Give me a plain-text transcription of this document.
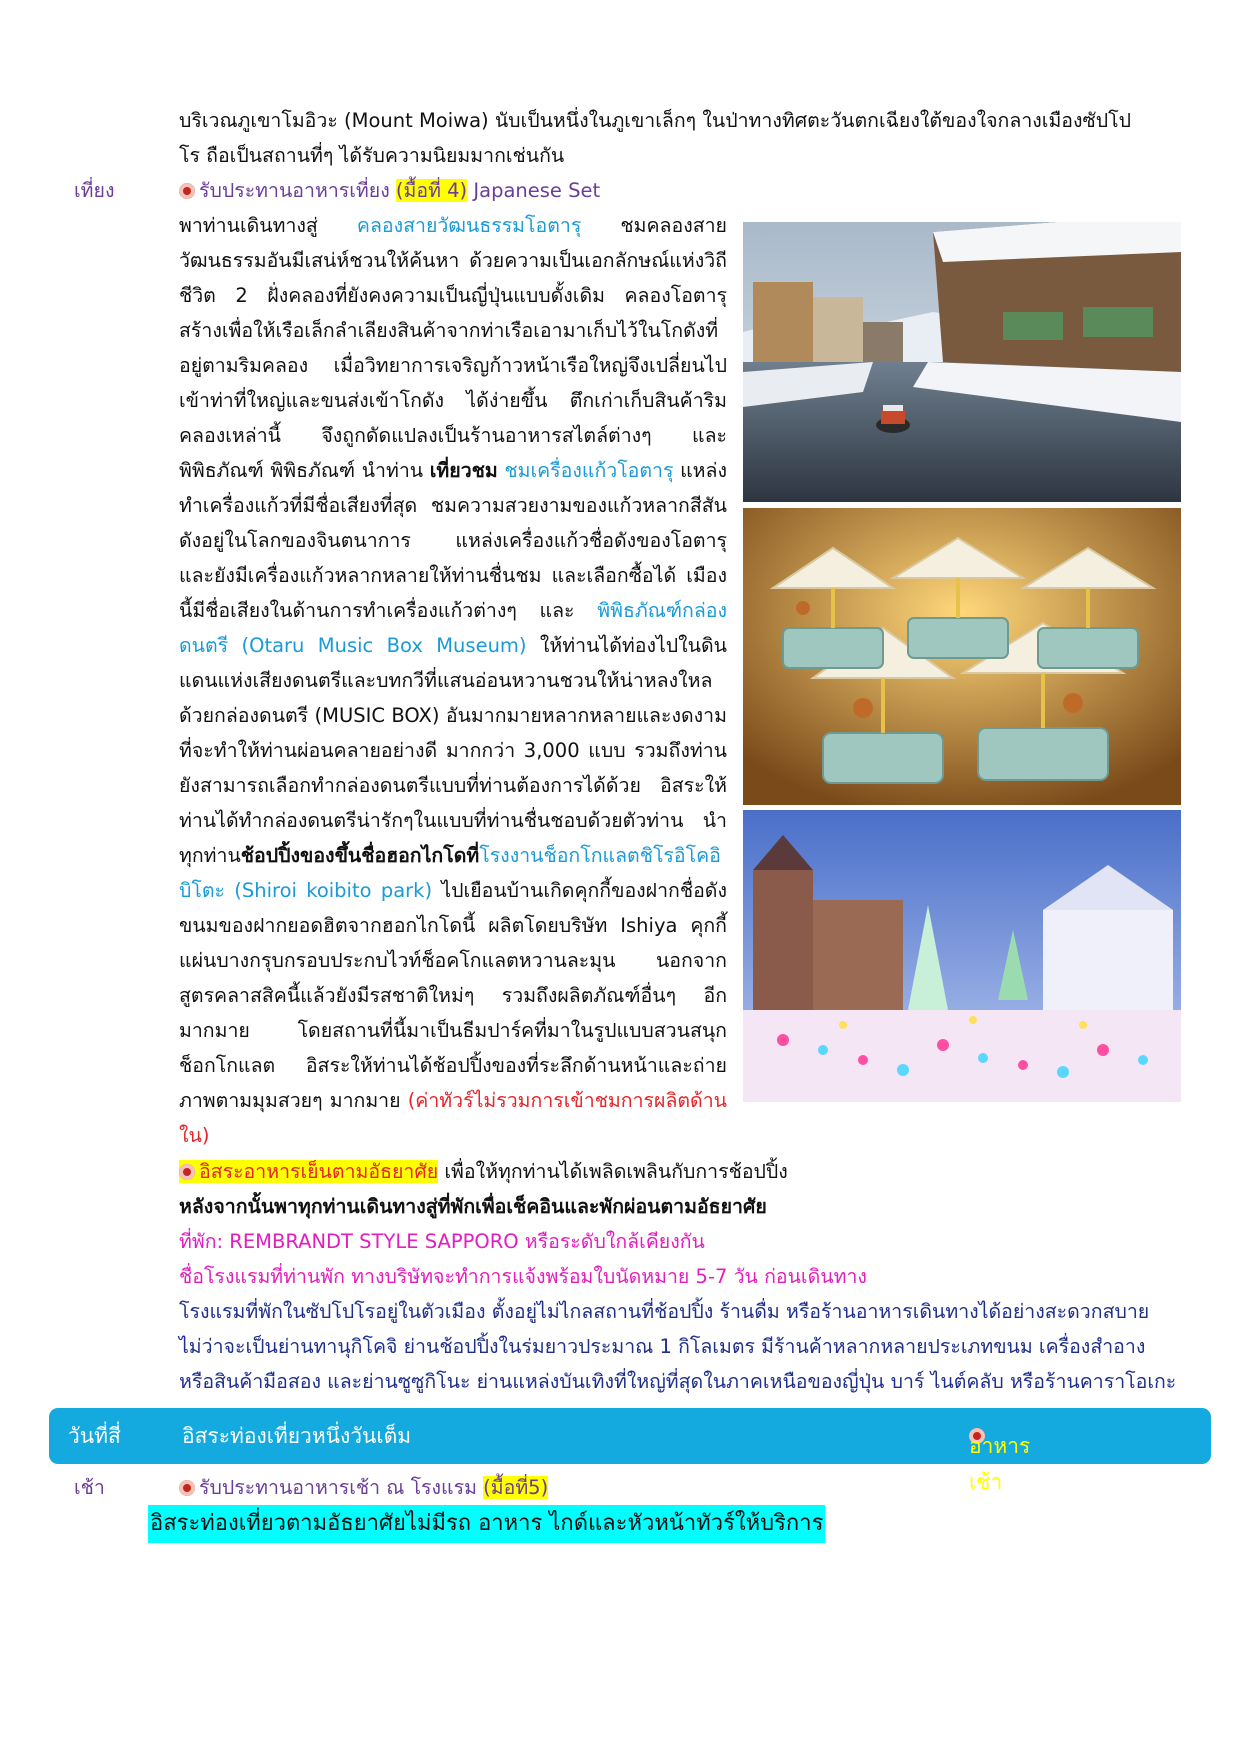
บริเวณภูเขาโมอิวะ (Mount Moiwa) นับเป็นหนึ่งในภูเขาเล็กๆ ในป่าทางทิศตะวันตกเฉียงใต้ของใจกลางเมืองซัปโป
โร ถือเป็นสถานที่ๆ ได้รับความนิยมมากเช่นกัน
เที่ยง	รับประทานอาหารเที่ยง (มื้อที่ 4) Japanese Set

พาท่านเดินทางสู่ คลองสายวัฒนธรรมโอตารุ ชมคลองสายวัฒนธรรมอันมีเสน่ห์ชวนให้ค้นหา ด้วยความเป็นเอกลักษณ์แห่งวิถีชีวิต 2 ฝั่งคลองที่ยังคงความเป็นญี่ปุ่นแบบดั้งเดิม คลองโอตารุสร้างเพื่อให้เรือเล็กลำเลียงสินค้าจากท่าเรือเอามาเก็บไว้ในโกดังที่อยู่ตามริมคลอง เมื่อวิทยาการเจริญก้าวหน้าเรือใหญ่จึงเปลี่ยนไปเข้าท่าที่ใหญ่และขนส่งเข้าโกดัง ได้ง่ายขึ้น ตึกเก่าเก็บสินค้าริมคลองเหล่านี้ จึงถูกดัดแปลงเป็นร้านอาหารสไตล์ต่างๆ และพิพิธภัณฑ์ พิพิธภัณฑ์ นำท่าน เที่ยวชม ชมเครื่องแก้วโอตารุ แหล่งทำเครื่องแก้วที่มีชื่อเสียงที่สุด ชมความสวยงามของแก้วหลากสีสันดังอยู่ในโลกของจินตนาการ แหล่งเครื่องแก้วชื่อดังของโอตารุ และยังมีเครื่องแก้วหลากหลายให้ท่านชื่นชม และเลือกซื้อได้ เมืองนี้มีชื่อเสียงในด้านการทำเครื่องแก้วต่างๆ และ พิพิธภัณฑ์กล่องดนตรี (Otaru Music Box Museum) ให้ท่านได้ท่องไปในดินแดนแห่งเสียงดนตรีและบทกวีที่แสนอ่อนหวานชวนให้น่าหลงใหล ด้วยกล่องดนตรี (MUSIC BOX) อันมากมายหลากหลายและงดงามที่จะทำให้ท่านผ่อนคลายอย่างดี มากกว่า 3,000 แบบ รวมถึงท่านยังสามารถเลือกทำกล่องดนตรีแบบที่ท่านต้องการได้ด้วย อิสระให้ท่านได้ทำกล่องดนตรีน่ารักๆในแบบที่ท่านชื่นชอบด้วยตัวท่าน นำทุกท่านช้อปปิ้งของขึ้นชื่อฮอกไกโดที่โรงงานช็อกโกแลตชิโรอิโคอิบิโตะ (Shiroi koibito park) ไปเยือนบ้านเกิดคุกกี้ของฝากชื่อดัง ขนมของฝากยอดฮิตจากฮอกไกโดนี้ ผลิตโดยบริษัท Ishiya คุกกี้แผ่นบางกรุบกรอบประกบไวท์ช็อคโกแลตหวานละมุน นอกจากสูตรคลาสสิคนี้แล้วยังมีรสชาติใหม่ๆ รวมถึงผลิตภัณฑ์อื่นๆ อีกมากมาย โดยสถานที่นี้มาเป็นธีมปาร์คที่มาในรูปแบบสวนสนุกช็อกโกแลต อิสระให้ท่านได้ช้อปปิ้งของที่ระลึกด้านหน้าและถ่ายภาพตามมุมสวยๆ มากมาย (ค่าทัวร์ไม่รวมการเข้าชมการผลิตด้านใน)

อิสระอาหารเย็นตามอัธยาศัย เพื่อให้ทุกท่านได้เพลิดเพลินกับการช้อปปิ้ง
หลังจากนั้นพาทุกท่านเดินทางสู่ที่พักเพื่อเช็คอินและพักผ่อนตามอัธยาศัย
ที่พัก: REMBRANDT STYLE SAPPORO หรือระดับใกล้เคียงกัน
ชื่อโรงแรมที่ท่านพัก ทางบริษัทจะทำการแจ้งพร้อมใบนัดหมาย 5-7 วัน ก่อนเดินทาง
โรงแรมที่พักในซัปโปโรอยู่ในตัวเมือง ตั้งอยู่ไม่ไกลสถานที่ช้อปปิ้ง ร้านดื่ม หรือร้านอาหารเดินทางได้อย่างสะดวกสบาย
ไม่ว่าจะเป็นย่านทานุกิโคจิ ย่านช้อปปิ้งในร่มยาวประมาณ 1 กิโลเมตร มีร้านค้าหลากหลายประเภทขนม เครื่องสำอาง
หรือสินค้ามือสอง และย่านซูซูกิโนะ ย่านแหล่งบันเทิงที่ใหญ่ที่สุดในภาคเหนือของญี่ปุ่น บาร์ ไนต์คลับ หรือร้านคาราโอเกะ
วันที่สี่	อิสระท่องเที่ยวหนึ่งวันเต็ม	อาหาร เช้า
เช้า	รับประทานอาหารเช้า ณ โรงแรม (มื้อที่5)
อิสระท่องเที่ยวตามอัธยาศัยไม่มีรถ อาหาร ไกด์และหัวหน้าทัวร์ให้บริการ
